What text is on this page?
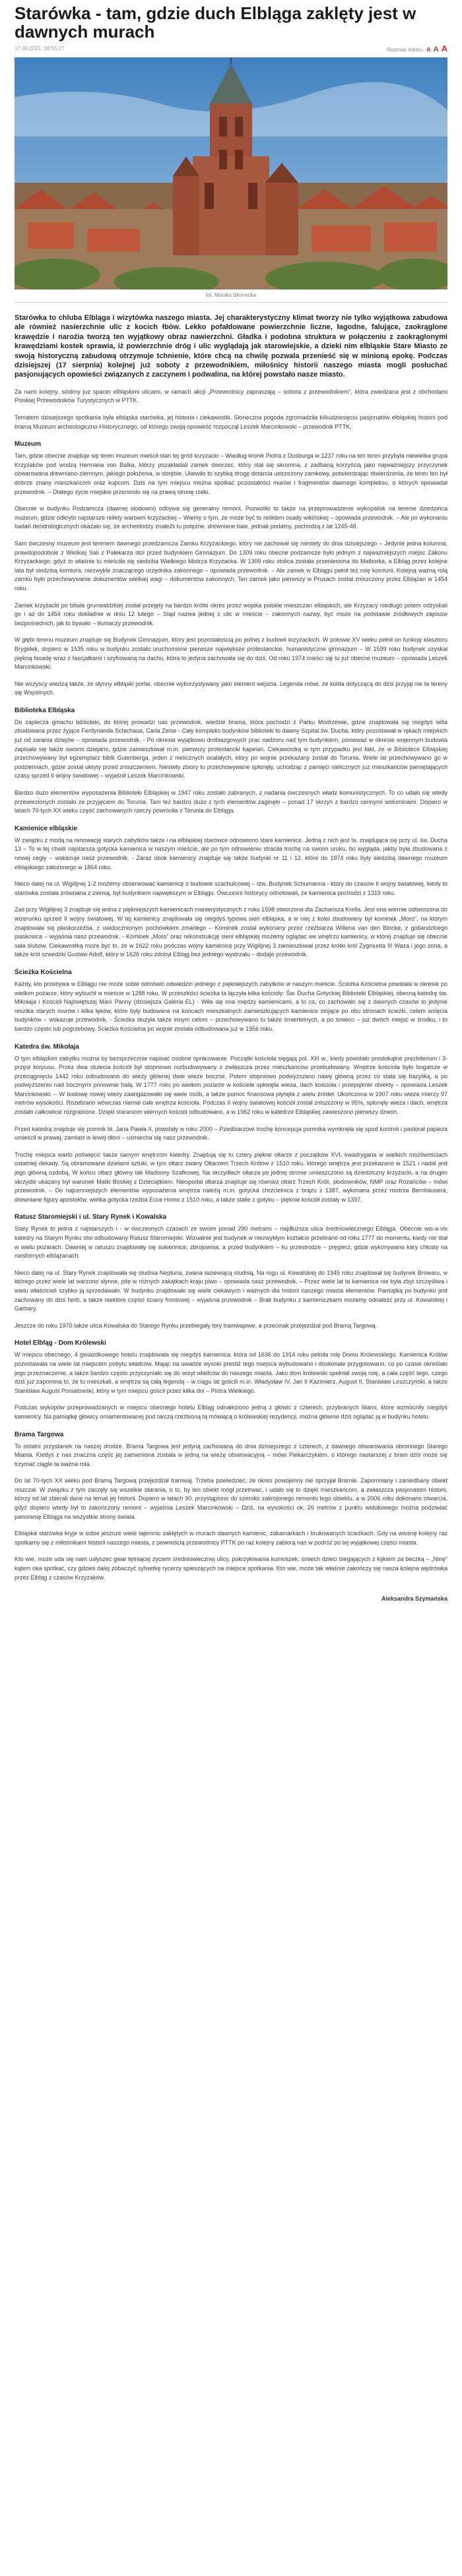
Starówka - tam, gdzie duch Elbląga zaklęty jest w dawnych murach
17.09.2021, 08:55:27	Rozmiar tekstu: A A A
fot. Monika Skonecka

Starówka to chluba Elbląga i wizytówka naszego miasta. Jej charakterystyczny klimat tworzy nie tylko wyjątkowa zabudowa ale również nasierzchnie ulic z kocich łbów. Lekko pofałdowane powierzchnie liczne, łagodne, falujące, zaokrąglone krawędzie i narożia tworzą ten wyjątkowy obraz nawierzchni. Gładka i podobna struktura w połączeniu z zaokrąglonymi krawędziami kostek sprawia, iż powierzchnie dróg i ulic wyglądają jak starowiejskie, a dzieki nim elbląskie Stare Miasto ze swoją historyczną zabudową otrzymuje tchnienie, które chcą na chwilę pozwala przenieść się w minioną epokę. Podczas dzisiejszej (17 sierpnia) kolejnej już soboty z przewodnikiem, miłośnicy historii naszego miasta mogli posłuchać pasjonujących opowieści związanych z zaczynem i podwalina, na której powstało nasze miasto.

Za nami kolejny, siódmy już spacer elbląskimi ulicami, w ramach akcji „Przewodnicy zapraszają – sobota z przewodnikiem”, która zwiedzana jest z obchodami Polskiej Przewodników Turystycznych w PTTK.

Tematem dzisiejszego spotkania była elbląska starówka, jej historia i ciekawostki. Słoneczna pogoda zgromadziła kilkudziesięciu pasjonatów elbląskiej historii pod bramą Muzeum archeologiczno-Historycznego, od którego swoją opowieść rozpoczął Leszek Marcinkowski – przewodnik PTTK.

Muzeum

Tam, gdzie obecnie znajduje się teren muzeum mieścił stan tej gród krzyżacki – Wiedług kronik Piotra z Dusburga w 1237 roku na ten teren przybyła niewielka grupa Krzyżaków pod wodzą Hermana von Balka, którzy pozakładali zamek dworzec, który stał się skromna, z zadbaną korzyścią jako najważniejszy przyczynek obwarowana drewniano-ziemnym, jakiego położenia, w obrębie. Ułatwiło to szybką drogę dotarcia ustrzeżony zamkowy, potwierdzając stwierdzenia, że teren ten był dobrze znany mieszkańcom oraz kupcom. Dziś na tym miejscu można spotkać pozostałości murów i fragmentów dawnego kompleksu, o których opowiadał przewodnik. – Dlatego życie miejskie przeniosło się na prawą stronę rzeki.

Obecnie w budynku Podzamcza (dawnej stodowni) odbywa się generalny remont. Pozwoliło to także na przeprowadzenie wykopalisk na terenie dziedzińca muzeum, gdzie odkryto najstarsze relikty warowni krzyżackiej – Wiemy o tym, że może być to reliktem osady wikińskiej – opowiada przewodnik. – Ale po wykonaniu badań dendrologicznych okazało się, że archeolodzy znaleźli tu potężne, drewniane bale, jednak podatny, pochodzą z lat 1245-48.

Sam ówczesny muzeum jest terenem dawnego przedzamcza Zamku Krzyżackiego, który nie zachował się niestety do dnia dzisiejszego – Jedynie jedna kolumna, prawdopodobnie z Wielkiej Sali z Pałekarza stoi przed budynkiem Gimnazjum. Do 1309 roku obecne podzamcze było jednym z najważniejszych miejsc Zakonu Krzyżackiego, gdyż to właśnie tu mieściła się siedziba Wielkiego Mistrza Krzyżacka. W 1309 roku stolica została przeniesiona do Malborka, a Elbląg przez kolejne lata był siedzibą komtura, niezwykle znaczącego urzędnika zakonnego – opowiada przewodnik. – Ale zamek w Elblągu pełnił też rolę komturii. Kolejną ważną rolą zamku było przechowywanie dokumentów wielkiej wagi – dokumentów zakonnych. Ten zamek jako pierwszy w Prusach został zniszczony przez Elblążan w 1454 roku.

Zamek krzyżacki po bitwie grunwaldzkiej został przejęty na bardzo krótki okres przez wojska polskie mieszczan elbląskich, ale Krzyżacy niedługo potem odzyskali go i aż do 1454 roku dokładnie w dniu 12 lutego – Stąd nazwa jednej z ulic w mieście – zakonnych nazwy, być może na podstawie źródłowych zapisów bezpośrednich, jak to bywało – tłumaczy przewodnik.

W głębi terenu muzeum znajduje się Budynek Gimnazjum, który jest pozostałością po jednej z budowli krzyżackich. W połowie XV wieku pełnił on funkcję klasztoru Brygidek, dopiero w 1535 roku w budynku zostało uruchomione pierwsze największe protestanckie, humanistyczne gimnazjum – W 1599 roku budynek uzyskał piękną fasadę wraz z fascjatkami i szyfrowaną na dachu, która to jedyna zachowała się do dziś. Od roku 1974 mieści się tu już obecne muzeum – opowiada Leszek Marcinkowski.

Nie wszyscy wiedzą także, że słynny elbląski portal, obecnie wykorzystywany jako element wejścia. Legenda mówi, że kolda dotyczącą do dziś przyjął nie ta tereny się Wspólnych.

Biblioteka Elbląska

Do zaplecza gmachu biblioteki, do której prowadzi nas przewodnik, wiedzie brama, która pochodzi z Parku Modrzewie, gdzie znajdowała się niegdyś willa zbudowana przez żyjące Ferdynanda Schichaua, Carla Zeise - Cały kompleks budynków biblioteki to dawny Szpital św. Ducha, który pozostawał w rękach miejskich już od zarania dziejów – opowiada przewodnik. - Po okresie wyjątkowo drobiazgowych prac nadzoru nad tym budynkiem, ponieważ w okresie wojennym budowla zapisała się także swoimi dziejami, gdzie zamieszkiwał m.in. pierwszy protestancki kapelan. Ciekawostką w tym przypadku jest fakt, że w Bibliotece Elbląskiej przechowywany był egzemplarz biblii Gutenberga, jeden z nielicznych ocalałych, który po wojnie przekazany został do Torunia. Wiele lat przechowywano go w podziemiach, gdzie został ukryty przed zniszczeniem. Niestety zbiory tu przechowywane spłonęły, uchodząc z pamięci nielicznych już mieszkańców pamiętających czasy sprzed II wojny światowej – wyjaśnił Leszek Marcinkowski.

Bardzo dużo elementów wyposażenia Biblioteki Elbląskiej w 1947 roku zostało zabranych, z nadania ówczesnych władz komunistycznych. To co udało się wtedy przewiezionych zostało ze przyjęciem do Torunia. Tam też bardzo dużo z tych elementów zaginęło – ponad 17 skrzyń z bardzo cennymi woluminami. Dopiero w latach 70-tych XX wieku część zachowanych rzeczy powróciła z Torunia do Elbląga.

Kamienice elbląskie

W związku z modą na renowację starych zabytków także i na elbląskiej starówce odnowiono stare kamienice. Jedną z nich jest ta, znajdująca się przy ul. św. Ducha 13 – To w tej chwili najstarsza gotycka kamienica w naszym mieście, ale po tym odnowieniu straciła trochę na swoim uroku, bo wygląda, jakby była zbudowana z nowej cegły – wskazuje nasz przewodnik. - Zaraz obok kamienicy znajduje się także budynki nr 11 i 12, które do 1974 roku były siedzibą dawnego muzeum elbląskiego założonego w 1864 roku.

Nieco dalej na ul. Wigilijnej 1-2 możemy obserwować kamienicę o budowie szachulcowej – tzw. Budynek Schumanna - który do czasów II wojny światowej, kiedy to starówka została zrównana z ziemią, był budynkiem największym w Elblągu. Ówcześni historycy odnotowali, że kamienica pochodzi z 1319 roku.

Zaś przy Wigilijnej 3 znajduje się jedna z piękniejszych kamienicach manierystycznych z roku 1598 stworzona dla Zacharisza Krella. Jest ona wiernie odtworzona do wizerunku sprzed II wojny światowej. W tej kamienicy znajdowała się niegdyś typowa sień elbląska, a w niej z kolei zbudowany był kominek „Moro”, na którym znajdowała się płaskorzeźba, z uwidocznionym pochówkiem zmarłego – Kominek został wykonany przez rzeźbiarza Willena van den Blocke, z gotlandzkiego piaskowca – wyjaśnia nasz przewodnik. - Kominek „Moro” oraz rekonstrukcję sieni elbląskiej możemy oglądać we wnętrzu kamienicy, w której znajduje się obecnie sala ślubów. Ciekawostką może być to, że w 1622 roku podczas wojny kamienicę przy Wigilijnej 3 zamieszkiwał przez krótki król Zygmunta III Waza i jego żona, a także król szwedzki Gustaw Adolf, który w 1626 roku zdobył Elbląg bez jednego wystrzału – dodaje przewodnik.

Ścieżka Kościelna

Każdy, kto przebywa w Elblągu nie może sobie odmówić odwiedzin jednego z piękniejszych zabytków w naszym mieście. Ścieżka Kościelna powstała w okresie po wielkim pożarze, który wybuchł w mieście w 1288 roku. W przeszłości ścieżka ta łączyła kilka kościoły: Św. Ducha Gotyckiej Biblioteki Elbląskiej, obecną katedrę św. Mikołaja i Kościół Najświętszej Marii Panny (dzisiejsza Galeria EL) - Wiła się ona między kamienicami, a to co, co zachowało się z dawnych czasów to jedynie resztka starych murów i kilka łęków, które były budowane na końcach mieszkalnych zamieszkujących kamienice stojące po obu stronach ścieżki, celem wzięcia budynków – wskazuje przewodnik. - Ścieżka służyła także innym celom – przechowywano tu także śmiertelnych, a po śmierci – już dwóch miejsc w środku, i to bardzo często lub pogrzebowy. Ścieżka Kościelna po wojnie została odbudowana już w 1956 roku.

Katedra św. Mikołaja

O tym elbląskim zabytku można by bezsprzecznie napisać osobne opracowanie. Początki kościoła sięgają pol. XIII w., kiedy powstało prostokątne prezbiterium i 3-przęsł korpusu. Przez dwa stulecia kościół był stopniowo rozbudowywany z zwłaszcza przez mieszkańców przebudowany. Wnętrze kościoła było bogatsze w przeciągnięciu 1442 roku odbudowano do wieży głównej dwie wieże boczne. Potem stopniowo podwyższano nawę główną przez co stała się bazyliką, a po podwyższeniu nad bocznymi ponownie halą. W 1777 roku po wielkim pożarze w kościele spłonęła wieża, dach kościoła i przepięknie obiekty – opowiada Leszek Marcinkowski. – W budowę nowej wieży zaangażowało się wiele osób, a także pomoc finansowa płynęła z wielu źródeł. Ukończona w 1907 roku wieża mierzy 97 metrów wysokości. Rozebrano wówczas niemal całe wnętrza kościoła. Podczas II wojny światowej kościół został zniszczony w 95%, spłonęły wieża i dach, wnętrza zostało całkowicie rozgrabione. Dzięki staraniom wiernych kościół odbudowano, a w 1962 roku w katedrze Elbląskiej zawieszono pierwszy dzwon.

Przed katedrą znajduje się pomnik bł. Jana Pawła II, powstały w roku 2000 – Pzedbiarzowi trochę koncepcja pomnika wymknęła się spod kontroli i pastorał papieża umieścił w prawej, zamiast w lewej dłoni – uśmiecha się nasz przewodnik.

Trochę miejsca warto poświęcić także samym wnętrzom katedry. Znajdują się tu cztery piękne ołtarze z początków XVI, kwadrygana w wielkich możliwościach ostatniej dekady. Są obramowane dziełami sztuki, w tym ołtarz zwany Ołtarzem Trzech Królów z 1510 roku, którego wnętrza jest przekazano w 1521 i nadal jest jego główną ozdobą. W końcu ołtarz główny tak Madonny Szafkowej. Na skrzydłach ołtarza po jednej stronie umieszczono są dziedziczny krzyżacki, a na drugim skrzydle ukazany był warunek Matki Boskiej z Dzieciątkiem. Nieopodal ołtarza znajduje się również ołtarz Trzech Króli, słodowników, NMP oraz Różańców – mówi przewodnik. – Do najcenniejszych elementów wyposażenia wnętrza należą m.in. gotycka chrzcielnica z brązu z 1387, wykonana przez mistrza Bernhausera, drewniane figury apostołów, wielka gotycka rzeźba Ecce Homo z 1510 roku, a także stalle z gotyku – pięknie kościół zostały w 1397.

Ratusz Staromiejski i ul. Stary Rynek i Kowalska

Stary Rynek to jedna z najstarszych i - w ówczesnych czasach ze swoim ponad 290 metrami – najdłuższa ulica średniowiecznego Elbląga. Obecnie wis-a-vis katedry na Starym Rynku stoi odbudowany Ratusz Staromiejski. Wizualnie jest budynek w niezwykłym kształcie przebrane od roku 1777 do momentu, kiedy nie stał w wielu pożarach. Dawniej w ratuszu znajdowały się sukiennice, zbrojownia, a przed budynkiem – ku przestrodze – pręgierz, gdzie wykonywano kary chłosty na niesfornych elblążanach.

Nieco dalej na ul. Stary Rynek znajdowała się studnia Neptuna, zwana łaziewiącą studnią. Na rogu ul. Kowalskiej do 1945 roku znajdował się budynek Browaru, w którego przez wiele lat warzono słynne, pite w różnych zakątkach kraju piwo – opowiada nasz przewodnik. – Przez wiele lat ta kamienica nie była zbyt szczęśliwa i wielu właścicieli szybko ją sprzedawało. W budynku znajdowało się wiele ciekawych i ważnych dla historii naszego miasta elementów. Pamiątką po budynku jest zachowany do dziś herb, a także niektóre części ściany frontowej – wyjaśnia przewodnik – Brak budynku z kamieniczkami możemy odnaleźć przy ul. Kowalskiej i Garbary.

Jeszcze do roku 1970 także ulica Kowalska do Starego Rynku przebiegały tory tramwajowe, a przecinak przejeżdżał pod Bramą Targową.

Hotel Elbląg - Dom Królewski

W miejscu obecnego, 4 gwiazdkowego hotelu znajdowała się niegdyś kamienica, która od 1636 do 1914 roku pełniła rolę Domu Królewskiego. Kamienica Królów pozostawała na wiele lat miejscem pobytu władców. Mając na uwadze wysoki prestiż tego miejsca wybudowano i doskonale przygotowano, co po czasie określało jego przeznaczenie, a także bardzo często przyczyniało się do wizyt władców do naszego miasta. Jako dom królewski spełniał swoją rolę, a cała część tego, czego dziś już zapomina to, że tu mieszkali, a wnętrza są całą legendą – w ciągu lat gościli m.in. Władysław IV, Jan II Kazimierz, August II, Stanisław Leszczyński, a także Stanisław August Poniatowski, który w tym miejscu gościł przez kilka dni – Piotra Wielkiego.

Podczas wykopów przeprowadzanych w miejscu obecnego hotelu Elbląg odnaleziono jedną z głowic z czterech, przybranych liliami, które wzmocniły niegdyś kamienicy. Na pamiątkę głowicy ornamentowanej pod tarczą rzeźbioną tą mówiącą o królewskiej rezydencji, można głównie dziś oglądać ją w budynku hotelu.

Brama Targowa

To ostatni przystanek na naszej drodze. Brama Targowa jest jedyną zachowaną do dnia dzisiejszego z czterech, z dawnego obwarowania obronnego Starego Miasta. Kiedyś z nas znaczna część jej zamieniona została w jedną na wieżę obserwacyjną – mówi Piekarczykiem, o którego nastarszej z bram dziś może się trzymać ciągle ta ważna rola.

Do lat 70-tych XX wieku pod Bramą Targową przejeżdżał tramwaj. Trzeba powiedzieć, że okres powojenny nie sprzyjał Bramie. Zapomniany i zaniedbany obiekt niszczał. W związku z tym zaczęły się wszelkie starania, o to, by ten obiekt mógł przetrwać, i udało się to dzięki mieszkańcom, a zwłaszcza pasjonatom historii, którzy od lat zbierali dane na temat jej historii. Dopiero w latach 90. przystąpiono do szeroko zakrojonego remontu tego obiektu, a w 2006 roku dokonano otwarcia, gdyż dopiero wtedy był to zakończony remont – wyjaśnia Leszek Marcinkowski – Dziś, na wysokości ok. 26 metrów z punktu widokowego można podziwiać panoramę Elbląga na wszystkie strony świata.

Elbląska starówka kryje w sobie jeszcze wiele tajemnic zaklętych w murach dawnych kamienic, zakamarkach i brukowanych ścieżkach. Gdy na wiosnę kolejny raz spotkamy się z miłośnikami historii naszego miasta, z pewnością przewodnicy PTTK po raz kolejny zabiorą nas w podróż po tej wyjątkowej części miasta.

Kto wie, może uda się nam usłyszeć gwar tętniącej życiem średniowiecznej ulicy, pokrzykiwania kumoszek, śmiech dzieci biegających z kijkiem za beczką – „Ninę” kątem oka spotkać, czy gdzieś dalej zobaczyć sylwetkę rycerzy spieszących na miejsce spotkania. Kto wie, może tak właśnie zakończy się nasza kolejna wędrówka przez Elbląg z czasów Krzyżaków.

Aleksandra Szymańska
